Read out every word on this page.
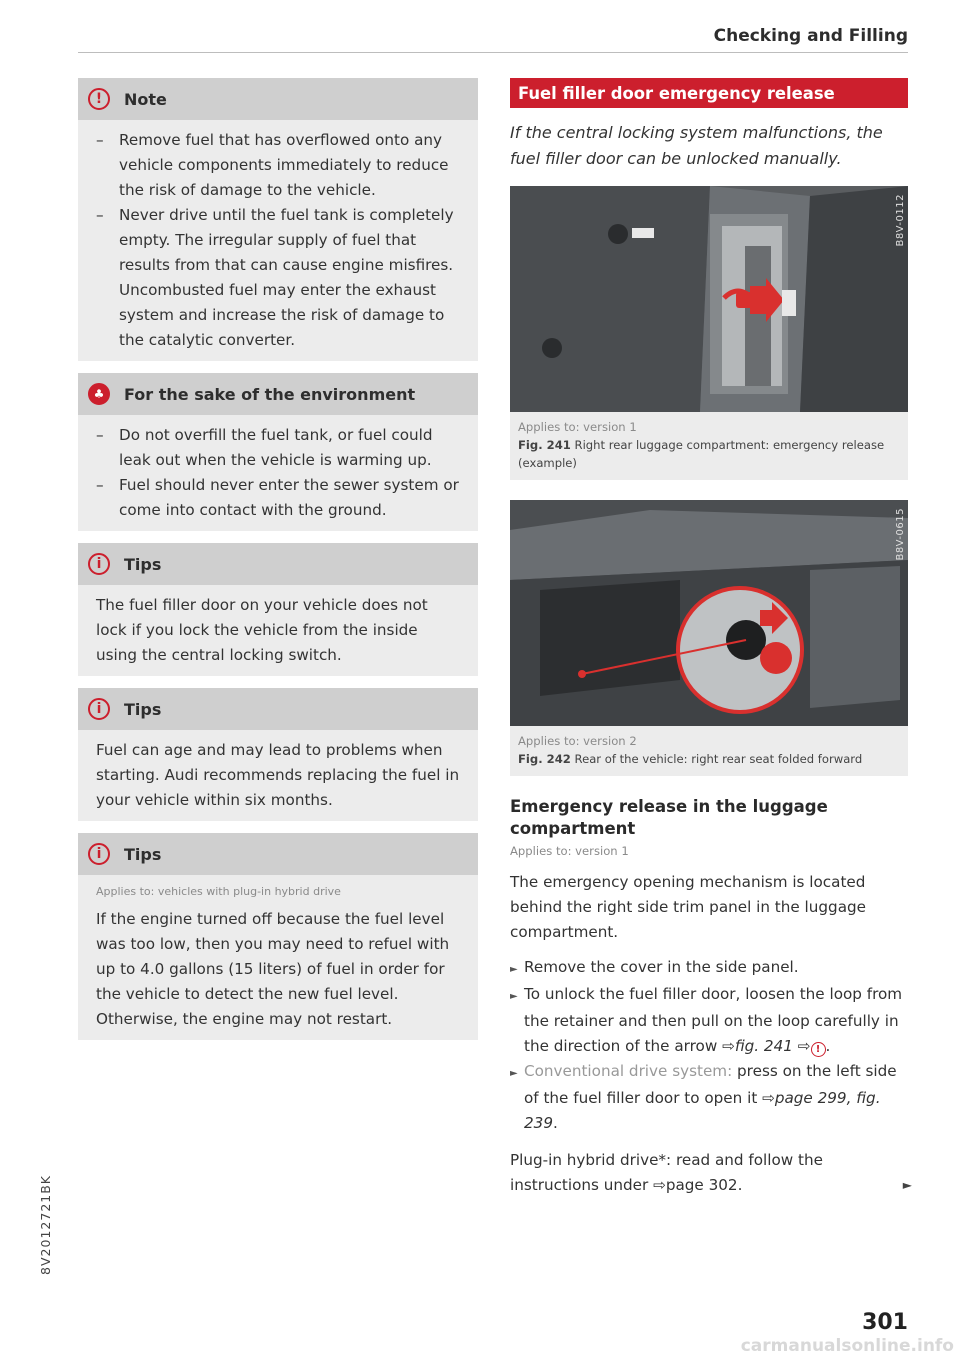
Checking and Filling
!	Note
– Remove fuel that has overflowed onto any vehicle components immediately to reduce the risk of damage to the vehicle.
– Never drive until the fuel tank is completely empty. The irregular supply of fuel that results from that can cause engine misfires. Uncombusted fuel may enter the exhaust system and increase the risk of damage to the catalytic converter.
♣	For the sake of the environment
– Do not overfill the fuel tank, or fuel could leak out when the vehicle is warming up.
– Fuel should never enter the sewer system or come into contact with the ground.
i	Tips
The fuel filler door on your vehicle does not lock if you lock the vehicle from the inside using the central locking switch.
i	Tips
Fuel can age and may lead to problems when starting. Audi recommends replacing the fuel in your vehicle within six months.
i	Tips
Applies to: vehicles with plug-in hybrid drive
If the engine turned off because the fuel level was too low, then you may need to refuel with up to 4.0 gallons (15 liters) of fuel in order for the vehicle to detect the new fuel level. Otherwise, the engine may not restart.
Fuel filler door emergency release
If the central locking system malfunctions, the fuel filler door can be unlocked manually.
B8V-0112
Applies to: version 1
Fig. 241 Right rear luggage compartment: emergency release (example)
B8V-0615
Applies to: version 2
Fig. 242 Rear of the vehicle: right rear seat folded forward
Emergency release in the luggage compartment
Applies to: version 1
The emergency opening mechanism is located behind the right side trim panel in the luggage compartment.
► Remove the cover in the side panel.
► To unlock the fuel filler door, loosen the loop from the retainer and then pull on the loop carefully in the direction of the arrow ⇨fig. 241 ⇨ ! .
► Conventional drive system: press on the left side of the fuel filler door to open it ⇨page 299, fig. 239.
Plug-in hybrid drive*: read and follow the instructions under ⇨page 302.	►
301
8V2012721BK
carmanualsonline.info
